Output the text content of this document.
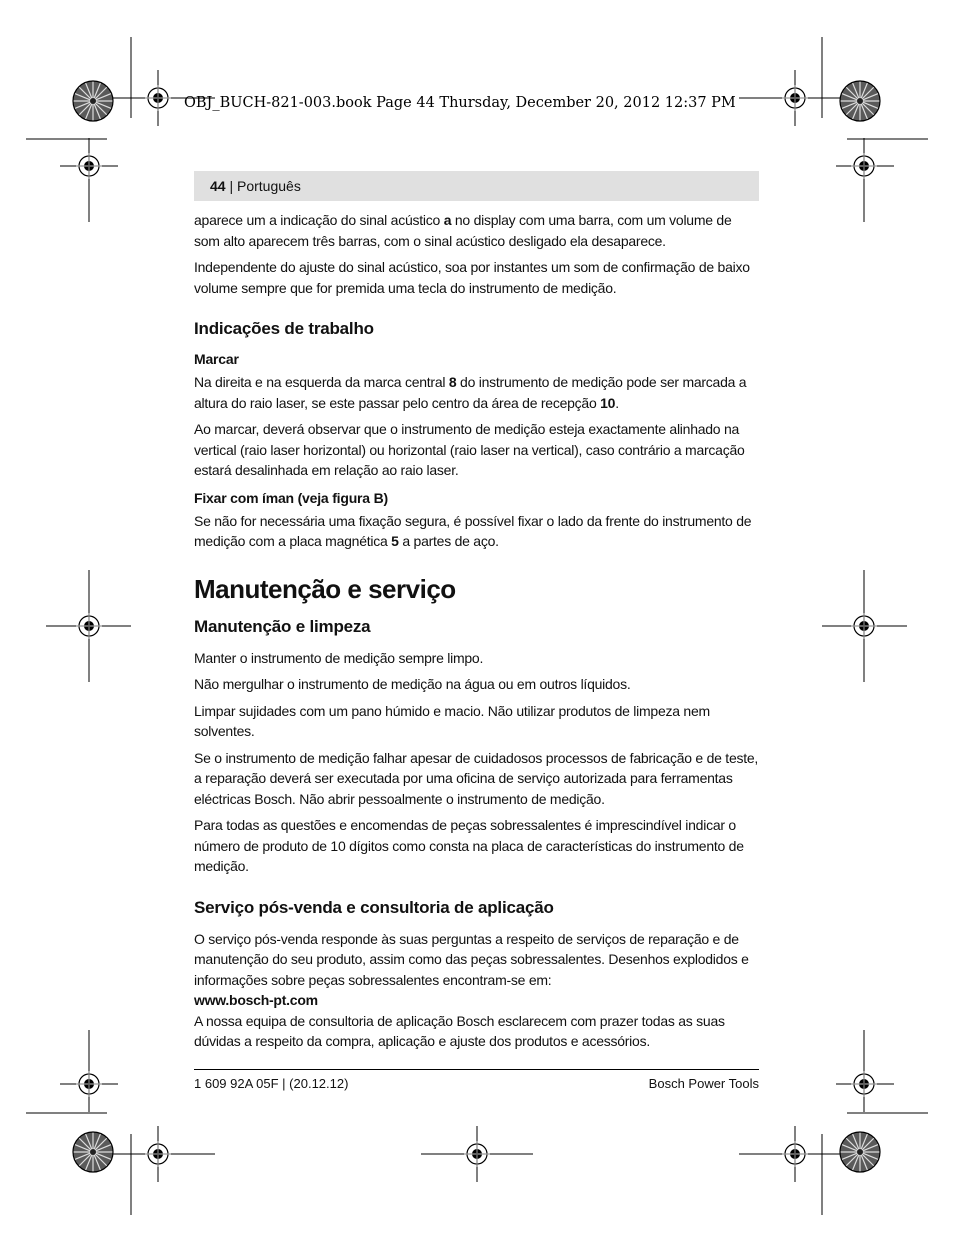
OBJ_BUCH-821-003.book Page 44 Thursday, December 20, 2012 12:37 PM
44 | Português

aparece um a indicação do sinal acústico a no display com uma barra, com um volume de som alto aparecem três barras, com o sinal acústico desligado ela desaparece.

Independente do ajuste do sinal acústico, soa por instantes um som de confirmação de baixo volume sempre que for premida uma tecla do instrumento de medição.

Indicações de trabalho
Marcar

Na direita e na esquerda da marca central 8 do instrumento de medição pode ser marcada a altura do raio laser, se este passar pelo centro da área de recepção 10.

Ao marcar, deverá observar que o instrumento de medição esteja exactamente alinhado na vertical (raio laser horizontal) ou horizontal (raio laser na vertical), caso contrário a marcação estará desalinhada em relação ao raio laser.

Fixar com íman (veja figura B)

Se não for necessária uma fixação segura, é possível fixar o lado da frente do instrumento de medição com a placa magnética 5 a partes de aço.

Manutenção e serviço
Manutenção e limpeza

Manter o instrumento de medição sempre limpo.

Não mergulhar o instrumento de medição na água ou em outros líquidos.

Limpar sujidades com um pano húmido e macio. Não utilizar produtos de limpeza nem solventes.

Se o instrumento de medição falhar apesar de cuidadosos processos de fabricação e de teste, a reparação deverá ser executada por uma oficina de serviço autorizada para ferramentas eléctricas Bosch. Não abrir pessoalmente o instrumento de medição.

Para todas as questões e encomendas de peças sobressalentes é imprescindível indicar o número de produto de 10 dígitos como consta na placa de características do instrumento de medição.

Serviço pós-venda e consultoria de aplicação

O serviço pós-venda responde às suas perguntas a respeito de serviços de reparação e de manutenção do seu produto, assim como das peças sobressalentes. Desenhos explodidos e informações sobre peças sobressalentes encontram-se em:

www.bosch-pt.com

A nossa equipa de consultoria de aplicação Bosch esclarecem com prazer todas as suas dúvidas a respeito da compra, aplicação e ajuste dos produtos e acessórios.

1 609 92A 05F | (20.12.12)	Bosch Power Tools
